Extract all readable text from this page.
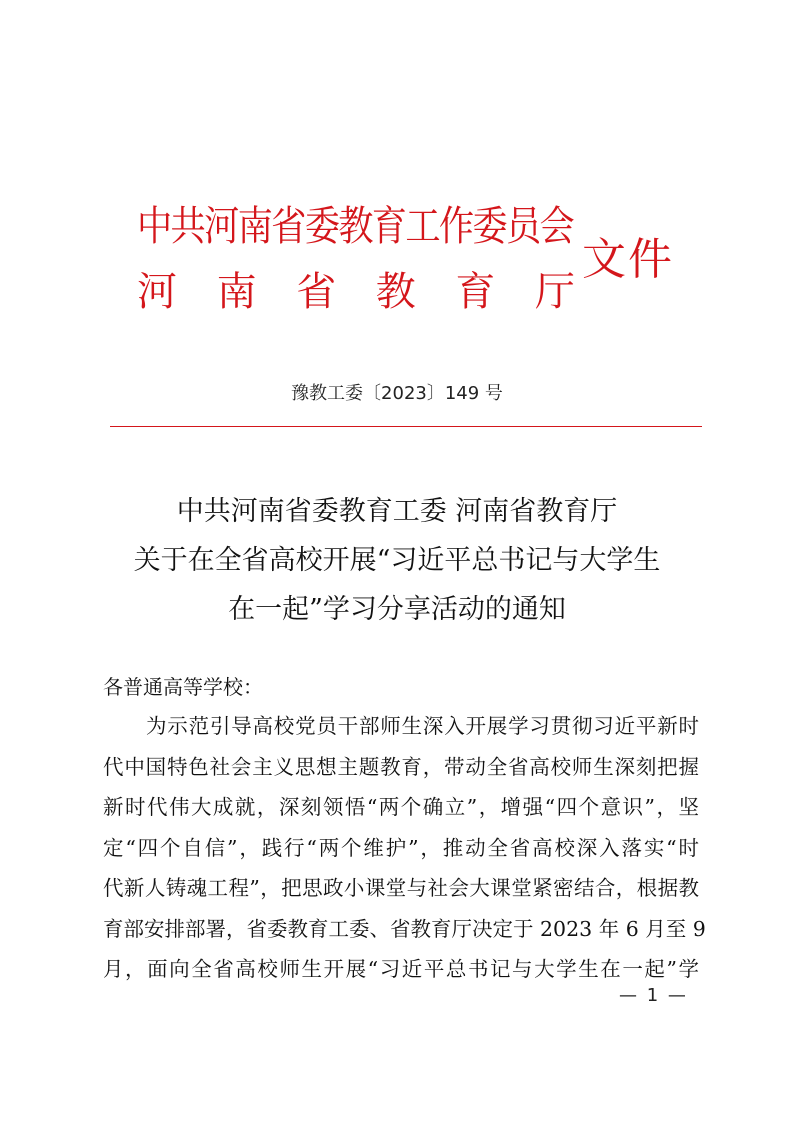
中共河南省委教育工作委员会
河 南 省 教 育 厅
文件
豫教工委〔2023〕149 号
中共河南省委教育工委 河南省教育厅
关于在全省高校开展“习近平总书记与大学生
在一起”学习分享活动的通知
各普通高等学校：
为示范引导高校党员干部师生深入开展学习贯彻习近平新时
代中国特色社会主义思想主题教育，带动全省高校师生深刻把握
新时代伟大成就，深刻领悟“两个确立”，增强“四个意识”，坚
定“四个自信”，践行“两个维护”，推动全省高校深入落实“时
代新人铸魂工程”，把思政小课堂与社会大课堂紧密结合，根据教
育部安排部署，省委教育工委、省教育厅决定于 2023 年 6 月至 9
月，面向全省高校师生开展“习近平总书记与大学生在一起”学
— 1 —
